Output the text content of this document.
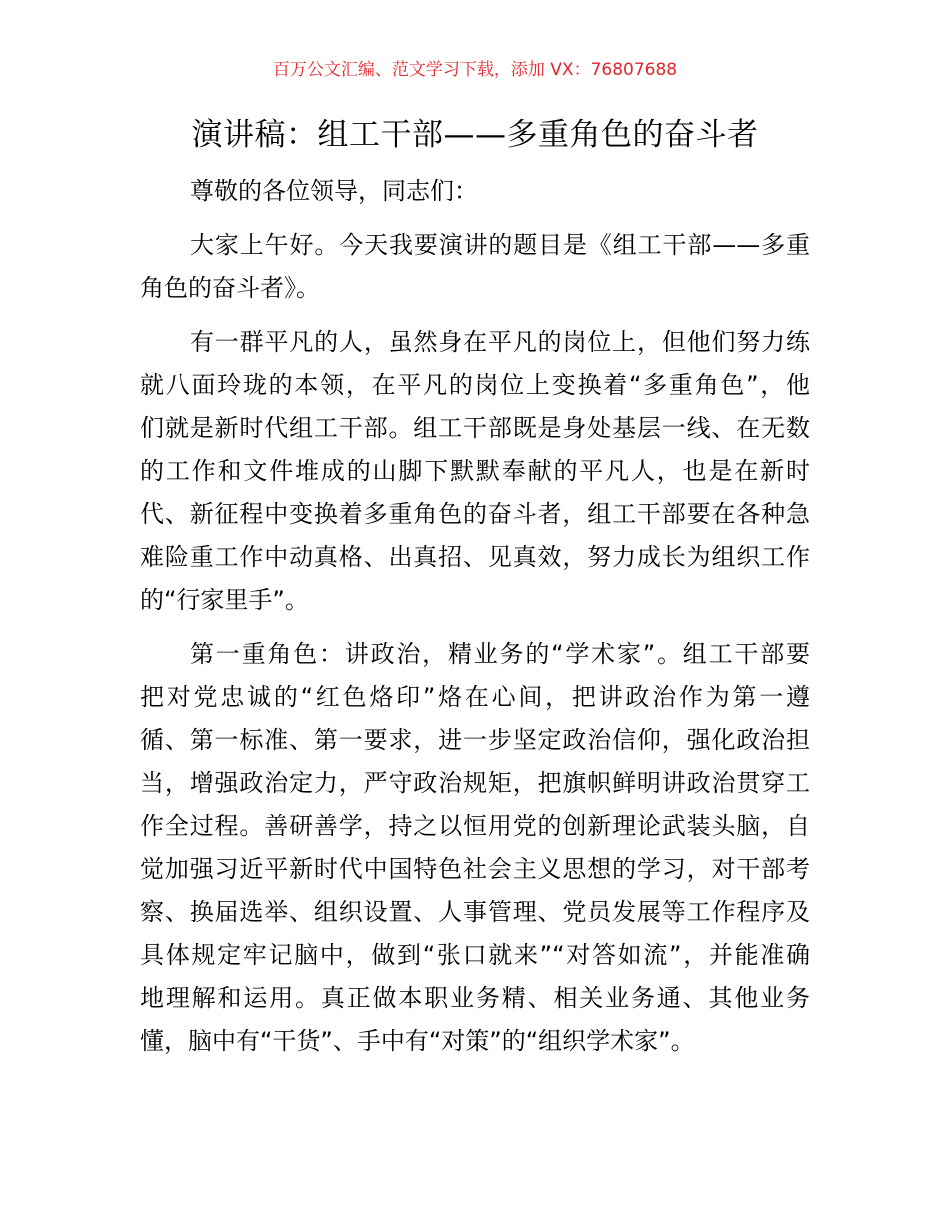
百万公文汇编、范文学习下载，添加 VX：76807688
演讲稿：组工干部——多重角色的奋斗者
尊敬的各位领导，同志们：
大家上午好。今天我要演讲的题目是《组工干部——多重
角色的奋斗者》。
有一群平凡的人，虽然身在平凡的岗位上，但他们努力练
就八面玲珑的本领，在平凡的岗位上变换着“多重角色”，他
们就是新时代组工干部。组工干部既是身处基层一线、在无数
的工作和文件堆成的山脚下默默奉献的平凡人，也是在新时
代、新征程中变换着多重角色的奋斗者，组工干部要在各种急
难险重工作中动真格、出真招、见真效，努力成长为组织工作
的“行家里手”。
第一重角色：讲政治，精业务的“学术家”。组工干部要
把对党忠诚的“红色烙印”烙在心间，把讲政治作为第一遵
循、第一标准、第一要求，进一步坚定政治信仰，强化政治担
当，增强政治定力，严守政治规矩，把旗帜鲜明讲政治贯穿工
作全过程。善研善学，持之以恒用党的创新理论武装头脑，自
觉加强习近平新时代中国特色社会主义思想的学习，对干部考
察、换届选举、组织设置、人事管理、党员发展等工作程序及
具体规定牢记脑中，做到“张口就来”“对答如流”，并能准确
地理解和运用。真正做本职业务精、相关业务通、其他业务
懂，脑中有“干货”、手中有“对策”的“组织学术家”。
